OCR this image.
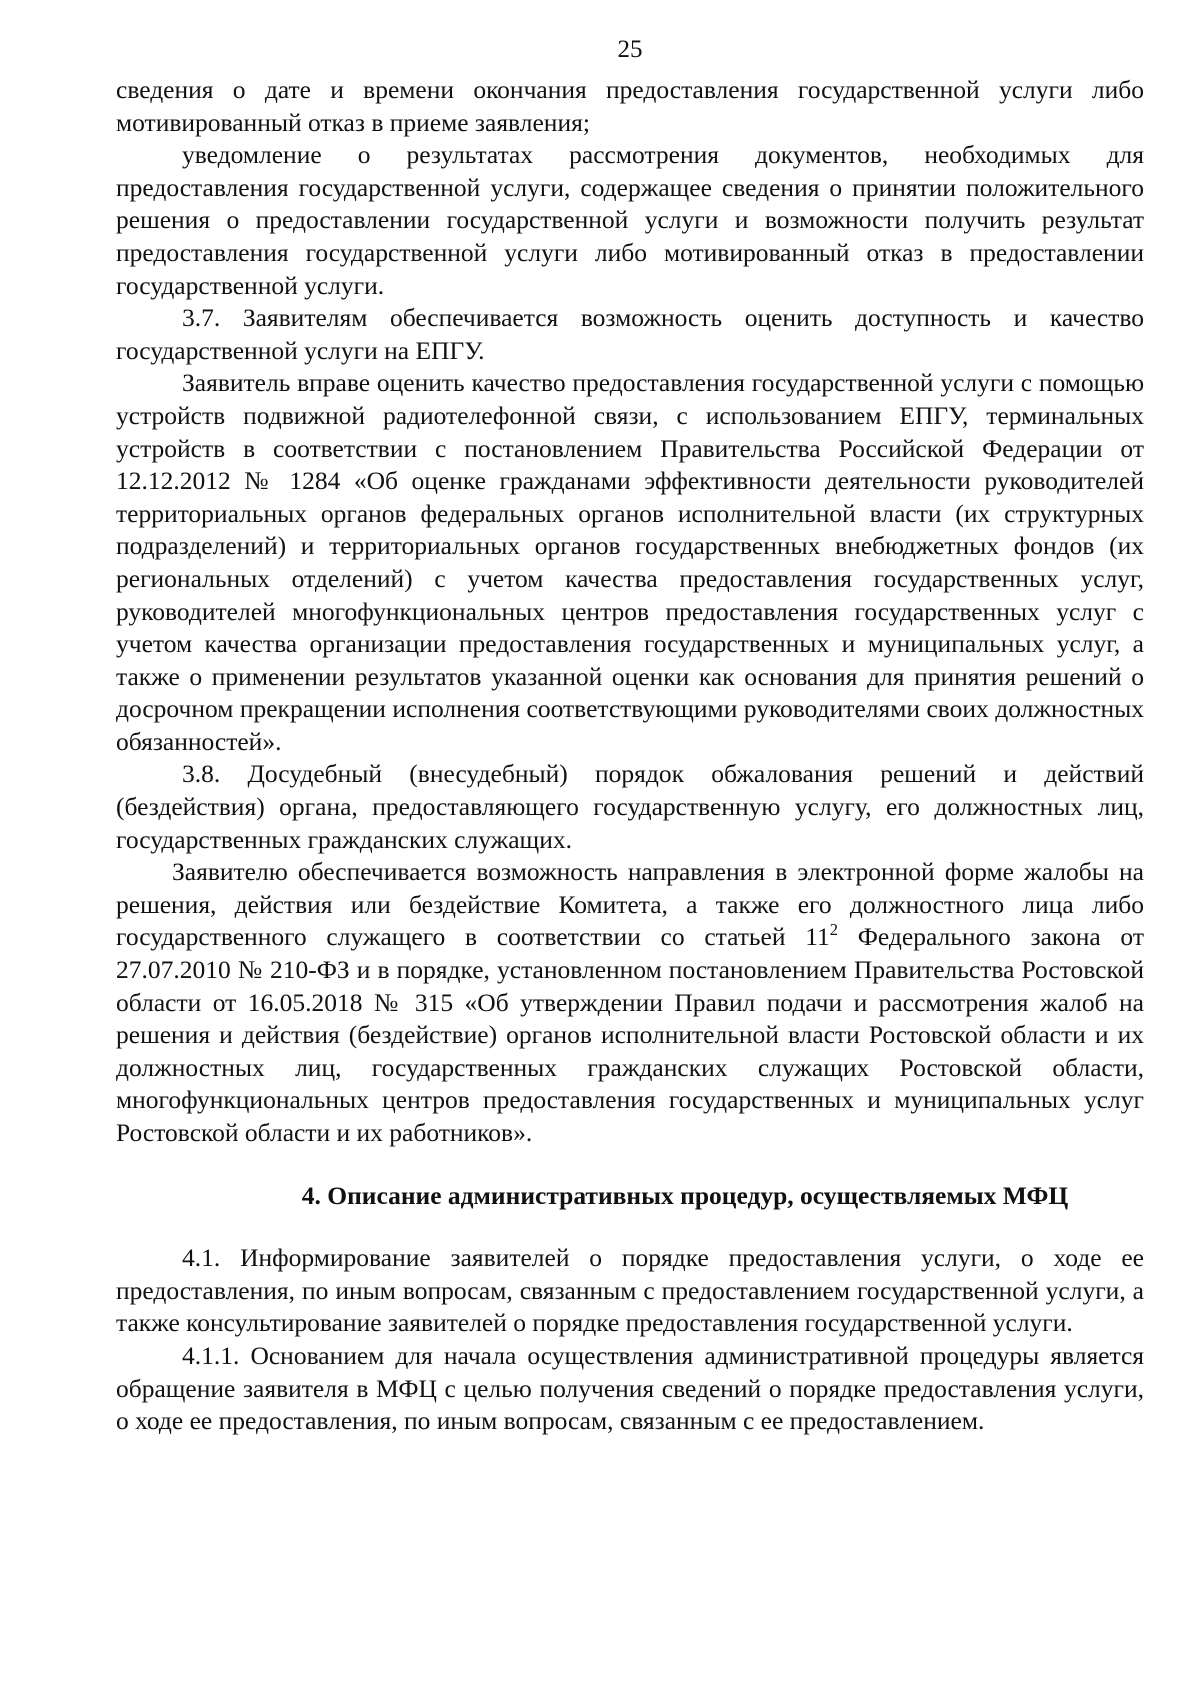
25

сведения о дате и времени окончания предоставления государственной услуги либо мотивированный отказ в приеме заявления;

уведомление о результатах рассмотрения документов, необходимых для предоставления государственной услуги, содержащее сведения о принятии положительного решения о предоставлении государственной услуги и возможности получить результат предоставления государственной услуги либо мотивированный отказ в предоставлении государственной услуги.

3.7. Заявителям обеспечивается возможность оценить доступность и качество государственной услуги на ЕПГУ.

Заявитель вправе оценить качество предоставления государственной услуги с помощью устройств подвижной радиотелефонной связи, с использованием ЕПГУ, терминальных устройств в соответствии с постановлением Правительства Российской Федерации от 12.12.2012 № 1284 «Об оценке гражданами эффективности деятельности руководителей территориальных органов федеральных органов исполнительной власти (их структурных подразделений) и территориальных органов государственных внебюджетных фондов (их региональных отделений) с учетом качества предоставления государственных услуг, руководителей многофункциональных центров предоставления государственных услуг с учетом качества организации предоставления государственных и муниципальных услуг, а также о применении результатов указанной оценки как основания для принятия решений о досрочном прекращении исполнения соответствующими руководителями своих должностных обязанностей».

3.8. Досудебный (внесудебный) порядок обжалования решений и действий (бездействия) органа, предоставляющего государственную услугу, его должностных лиц, государственных гражданских служащих.

Заявителю обеспечивается возможность направления в электронной форме жалобы на решения, действия или бездействие Комитета, а также его должностного лица либо государственного служащего в соответствии со статьей $11^2$ Федерального закона от 27.07.2010 № 210-ФЗ и в порядке, установленном постановлением Правительства Ростовской области от 16.05.2018 № 315 «Об утверждении Правил подачи и рассмотрения жалоб на решения и действия (бездействие) органов исполнительной власти Ростовской области и их должностных лиц, государственных гражданских служащих Ростовской области, многофункциональных центров предоставления государственных и муниципальных услуг Ростовской области и их работников».

4. Описание административных процедур, осуществляемых МФЦ

4.1. Информирование заявителей о порядке предоставления услуги, о ходе ее предоставления, по иным вопросам, связанным с предоставлением государственной услуги, а также консультирование заявителей о порядке предоставления государственной услуги.

4.1.1. Основанием для начала осуществления административной процедуры является обращение заявителя в МФЦ с целью получения сведений о порядке предоставления услуги, о ходе ее предоставления, по иным вопросам, связанным с ее предоставлением.
